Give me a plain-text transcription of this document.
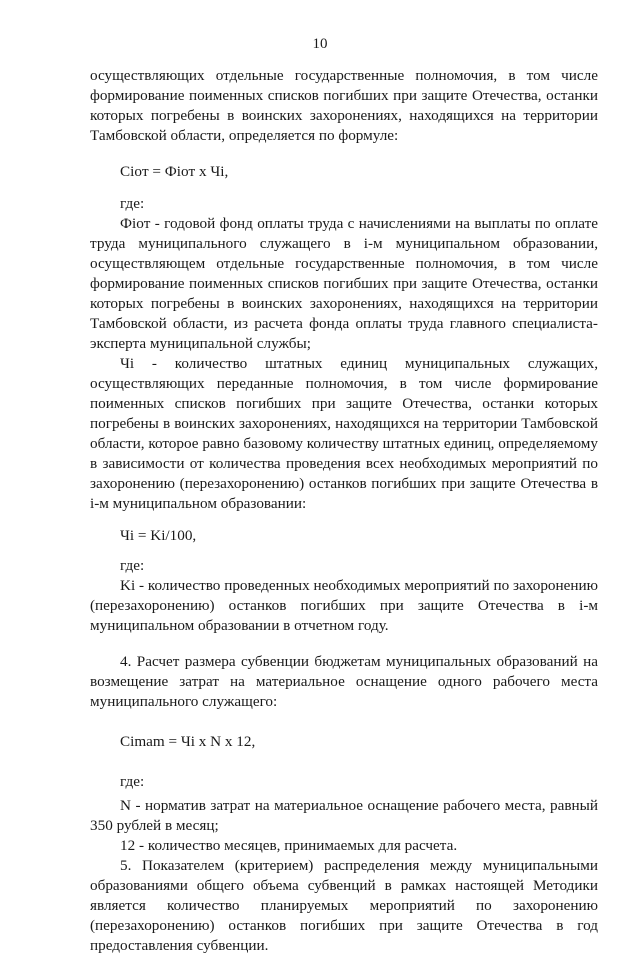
10

осуществляющих отдельные государственные полномочия, в том числе формирование поименных списков погибших при защите Отечества, останки которых погребены в воинских захоронениях, находящихся на территории Тамбовской области, определяется по формуле:

Cioт = Фioт x Чi,

где:

Фioт - годовой фонд оплаты труда с начислениями на выплаты по оплате труда муниципального служащего в i-м муниципальном образовании, осуществляющем отдельные государственные полномочия, в том числе формирование поименных списков погибших при защите Отечества, останки которых погребены в воинских захоронениях, находящихся на территории Тамбовской области, из расчета фонда оплаты труда главного специалиста-эксперта муниципальной службы;

Чi - количество штатных единиц муниципальных служащих, осуществляющих переданные полномочия, в том числе формирование поименных списков погибших при защите Отечества, останки которых погребены в воинских захоронениях, находящихся на территории Тамбовской области, которое равно базовому количеству штатных единиц, определяемому в зависимости от количества проведения всех необходимых мероприятий по захоронению (перезахоронению) останков погибших при защите Отечества в i-м муниципальном образовании:

Чi = Ki/100,

где:

Ki - количество проведенных необходимых мероприятий по захоронению (перезахоронению) останков погибших при защите Отечества в i-м муниципальном образовании в отчетном году.

4. Расчет размера субвенции бюджетам муниципальных образований на возмещение затрат на материальное оснащение одного рабочего места муниципального служащего:

Cimam = Чi x N x 12,

где:

N - норматив затрат на материальное оснащение рабочего места, равный 350 рублей в месяц;

12 - количество месяцев, принимаемых для расчета.

5. Показателем (критерием) распределения между муниципальными образованиями общего объема субвенций в рамках настоящей Методики является количество планируемых мероприятий по захоронению (перезахоронению) останков погибших при защите Отечества в год предоставления субвенции.
